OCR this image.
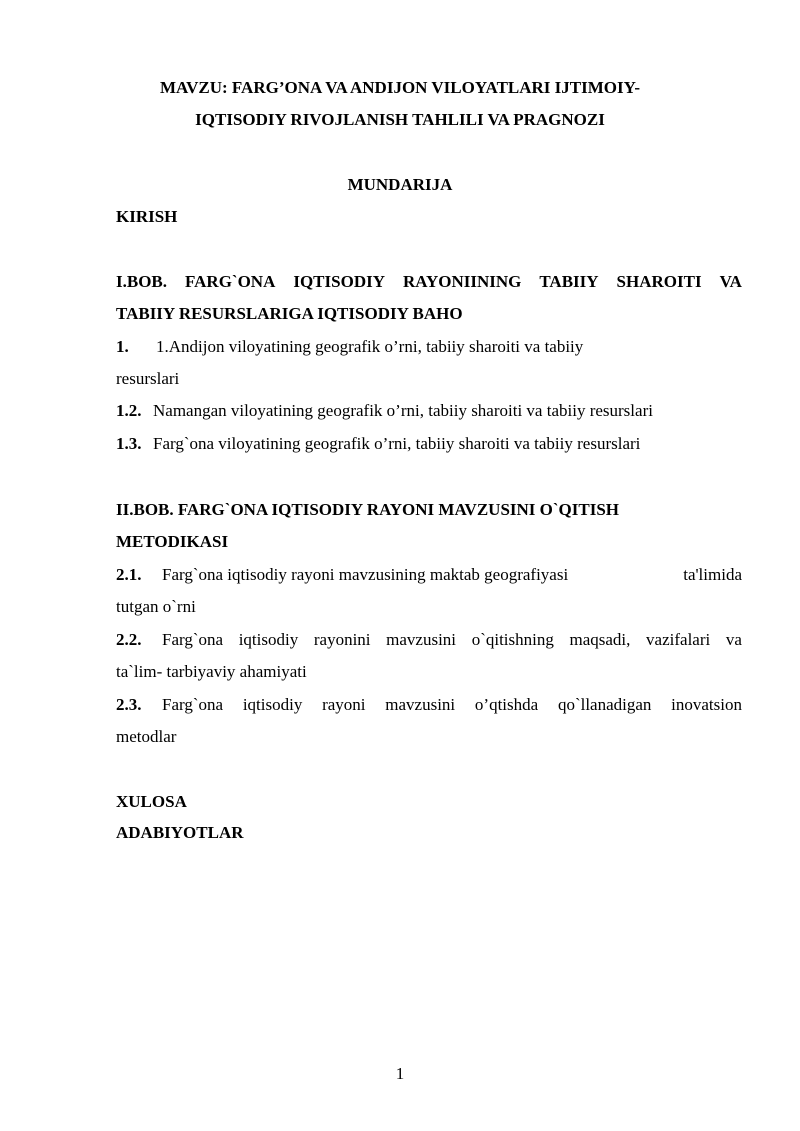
MAVZU: FARG’ONA VA ANDIJON VILOYATLARI IJTIMOIY-
IQTISODIY RIVOJLANISH TAHLILI VA PRAGNOZI
MUNDARIJA
KIRISH
I.BOB. FARG`ONA IQTISODIY RAYONIINING TABIIY SHAROITI VA
TABIIY RESURSLARIGA IQTISODIY BAHO
1. 1.Andijon viloyatining geografik o’rni, tabiiy sharoiti va tabiiy
resurslari
1.2. Namangan viloyatining geografik o’rni, tabiiy sharoiti va tabiiy resurslari
1.3. Farg`ona viloyatining geografik o’rni, tabiiy sharoiti va tabiiy resurslari
II.BOB. FARG`ONA IQTISODIY RAYONI MAVZUSINI O`QITISH
METODIKASI
2.1. Farg`ona iqtisodiy rayoni mavzusining maktab geografiyasi	ta'limida
tutgan o`rni
2.2. Farg`ona iqtisodiy rayonini mavzusini o`qitishning maqsadi, vazifalari va
ta`lim- tarbiyaviy ahamiyati
2.3. Farg`ona iqtisodiy rayoni mavzusini o’qtishda qo`llanadigan inovatsion
metodlar
XULOSA
ADABIYOTLAR
1
